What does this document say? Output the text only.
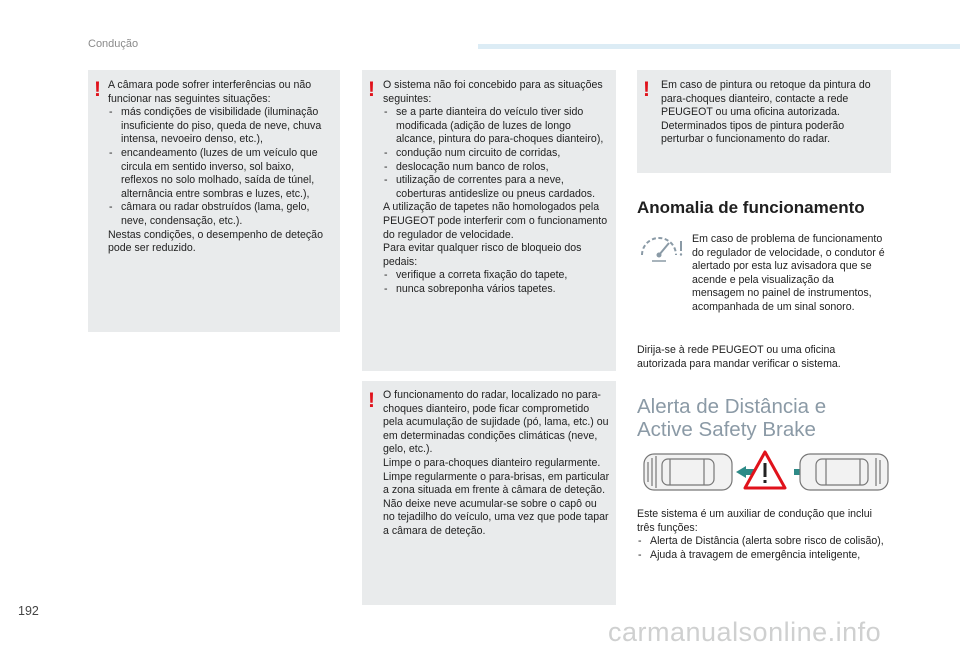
Condução
! A câmara pode sofrer interferências ou não funcionar nas seguintes situações:

- más condições de visibilidade (iluminação insuficiente do piso, queda de neve, chuva intensa, nevoeiro denso, etc.),
- encandeamento (luzes de um veículo que circula em sentido inverso, sol baixo, reflexos no solo molhado, saída de túnel, alternância entre sombras e luzes, etc.),
- câmara ou radar obstruídos (lama, gelo, neve, condensação, etc.).

Nestas condições, o desempenho de deteção pode ser reduzido.

! O sistema não foi concebido para as situações seguintes:

- se a parte dianteira do veículo tiver sido modificada (adição de luzes de longo alcance, pintura do para-choques dianteiro),
- condução num circuito de corridas,
- deslocação num banco de rolos,
- utilização de correntes para a neve, coberturas antideslize ou pneus cardados.

A utilização de tapetes não homologados pela PEUGEOT pode interferir com o funcionamento do regulador de velocidade.
Para evitar qualquer risco de bloqueio dos pedais:

- verifique a correta fixação do tapete,
- nunca sobreponha vários tapetes.
! O funcionamento do radar, localizado no para-choques dianteiro, pode ficar comprometido pela acumulação de sujidade (pó, lama, etc.) ou em determinadas condições climáticas (neve, gelo, etc.).
Limpe o para-choques dianteiro regularmente.
Limpe regularmente o para-brisas, em particular a zona situada em frente à câmara de deteção.
Não deixe neve acumular-se sobre o capô ou no tejadilho do veículo, uma vez que pode tapar a câmara de deteção.
! Em caso de pintura ou retoque da pintura do para-choques dianteiro, contacte a rede PEUGEOT ou uma oficina autorizada.
Determinados tipos de pintura poderão perturbar o funcionamento do radar.
Anomalia de funcionamento
Em caso de problema de funcionamento do regulador de velocidade, o condutor é alertado por esta luz avisadora que se acende e pela visualização da mensagem no painel de instrumentos, acompanhada de um sinal sonoro.
Dirija-se à rede PEUGEOT ou uma oficina autorizada para mandar verificar o sistema.
Alerta de Distância e Active Safety Brake

Este sistema é um auxiliar de condução que inclui três funções:

- Alerta de Distância (alerta sobre risco de colisão),
- Ajuda à travagem de emergência inteligente,
192
carmanualsonline.info
